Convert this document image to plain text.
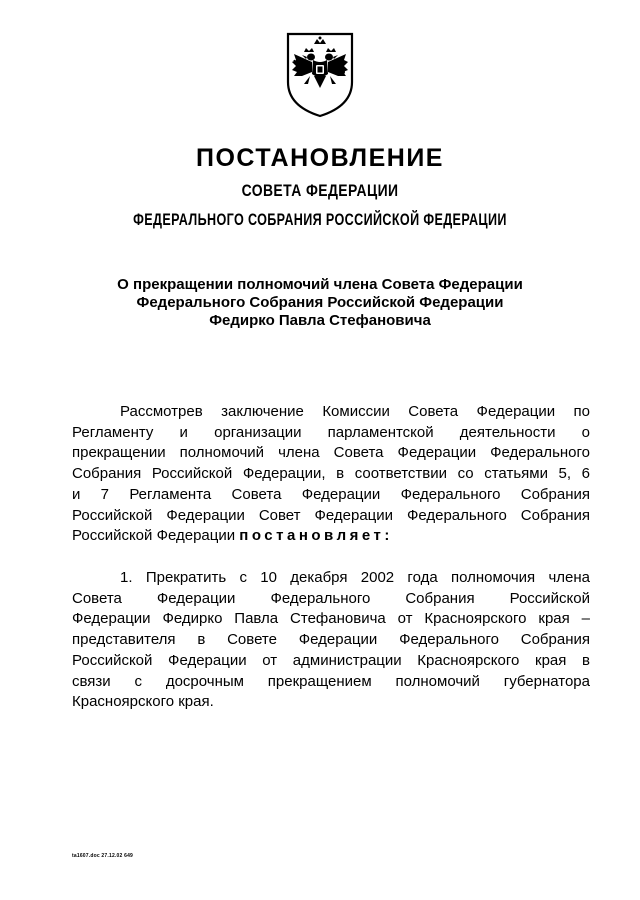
ПОСТАНОВЛЕНИЕ
СОВЕТА ФЕДЕРАЦИИ
ФЕДЕРАЛЬНОГО СОБРАНИЯ РОССИЙСКОЙ ФЕДЕРАЦИИ
О прекращении полномочий члена Совета Федерации
Федерального Собрания Российской Федерации
Федирко Павла Стефановича
Рассмотрев заключение Комиссии Совета Федерации по
Регламенту и организации парламентской деятельности о
прекращении полномочий члена Совета Федерации Федерального
Собрания Российской Федерации, в соответствии со статьями 5, 6
и 7 Регламента Совета Федерации Федерального Собрания
Российской Федерации Совет Федерации Федерального Собрания
Российской Федерации постановляет:
1. Прекратить с 10 декабря 2002 года полномочия члена
Совета Федерации Федерального Собрания Российской
Федерации Федирко Павла Стефановича от Красноярского края –
представителя в Совете Федерации Федерального Собрания
Российской Федерации от администрации Красноярского края в
связи с досрочным прекращением полномочий губернатора
Красноярского края.
ta1607.doc 27.12.02 649
